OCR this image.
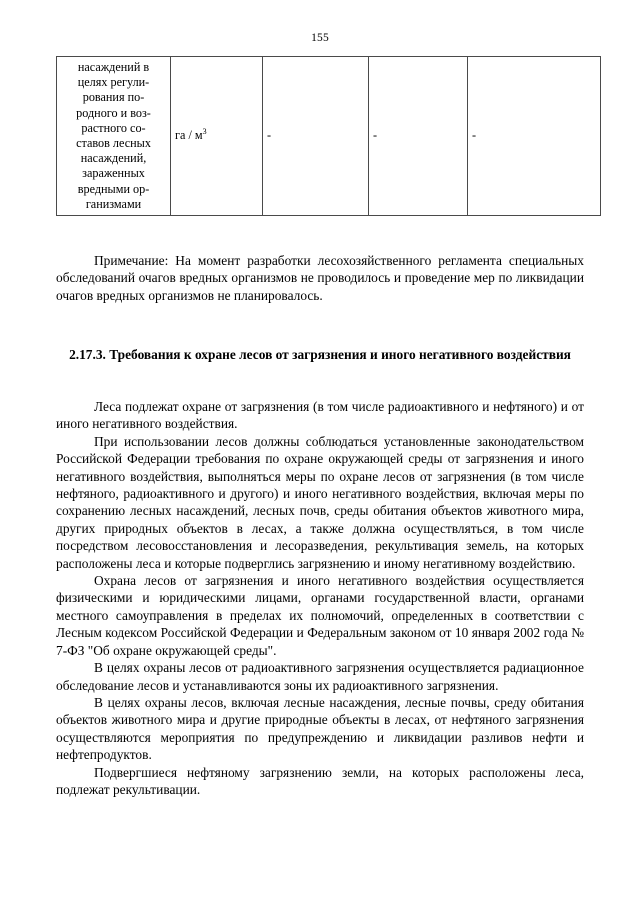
155
насаждений в
целях регули-
рования по-
родного и воз-
растного со-
ставов лесных
насаждений,
зараженных
вредными ор-
ганизмами	га / $м^3$	-	-	-

Примечание: На момент разработки лесохозяйственного регламента специальных обследований очагов вредных организмов не проводилось и проведение мер по ликвидации очагов вредных организмов не планировалось.

2.17.3. Требования к охране лесов от загрязнения и иного негативного воздействия

Леса подлежат охране от загрязнения (в том числе радиоактивного и нефтяного) и от иного негативного воздействия.

При использовании лесов должны соблюдаться установленные законодательством Российской Федерации требования по охране окружающей среды от загрязнения и иного негативного воздействия, выполняться меры по охране лесов от загрязнения (в том числе нефтяного, радиоактивного и другого) и иного негативного воздействия, включая меры по сохранению лесных насаждений, лесных почв, среды обитания объектов животного мира, других природных объектов в лесах, а также должна осуществляться, в том числе посредством лесовосстановления и лесоразведения, рекультивация земель, на которых расположены леса и которые подверглись загрязнению и иному негативному воздействию.

Охрана лесов от загрязнения и иного негативного воздействия осуществляется физическими и юридическими лицами, органами государственной власти, органами местного самоуправления в пределах их полномочий, определенных в соответствии с Лесным кодексом Российской Федерации и Федеральным законом от 10 января 2002 года № 7-ФЗ "Об охране окружающей среды".

В целях охраны лесов от радиоактивного загрязнения осуществляется радиационное обследование лесов и устанавливаются зоны их радиоактивного загрязнения.

В целях охраны лесов, включая лесные насаждения, лесные почвы, среду обитания объектов животного мира и другие природные объекты в лесах, от нефтяного загрязнения осуществляются мероприятия по предупреждению и ликвидации разливов нефти и нефтепродуктов.

Подвергшиеся нефтяному загрязнению земли, на которых расположены леса, подлежат рекультивации.
